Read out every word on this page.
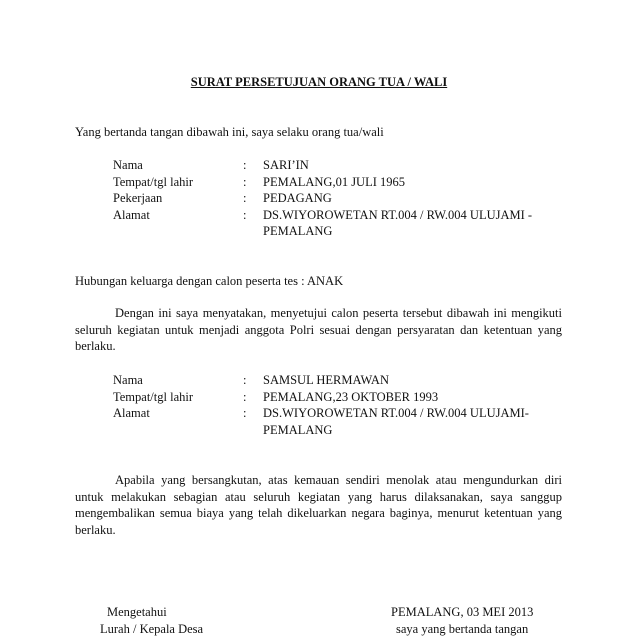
SURAT PERSETUJUAN ORANG TUA / WALI
Yang bertanda tangan dibawah ini, saya selaku orang tua/wali
Nama	: SARI’IN
Tempat/tgl lahir	: PEMALANG,01 JULI 1965
Pekerjaan	: PEDAGANG
Alamat	: DS.WIYOROWETAN RT.004 / RW.004 ULUJAMI -
PEMALANG
Hubungan keluarga dengan calon peserta tes : ANAK
Dengan ini saya menyatakan, menyetujui calon peserta tersebut dibawah ini mengikuti seluruh kegiatan untuk menjadi anggota Polri sesuai dengan persyaratan dan ketentuan yang berlaku.
Nama	: SAMSUL HERMAWAN
Tempat/tgl lahir	: PEMALANG,23 OKTOBER 1993
Alamat	: DS.WIYOROWETAN RT.004 / RW.004 ULUJAMI-
PEMALANG
Apabila yang bersangkutan, atas kemauan sendiri menolak atau mengundurkan diri untuk melakukan sebagian atau seluruh kegiatan yang harus dilaksanakan, saya sanggup mengembalikan semua biaya yang telah dikeluarkan negara baginya, menurut ketentuan yang berlaku.
Mengetahui
Lurah / Kepala Desa
PEMALANG, 03 MEI 2013
saya yang bertanda tangan
